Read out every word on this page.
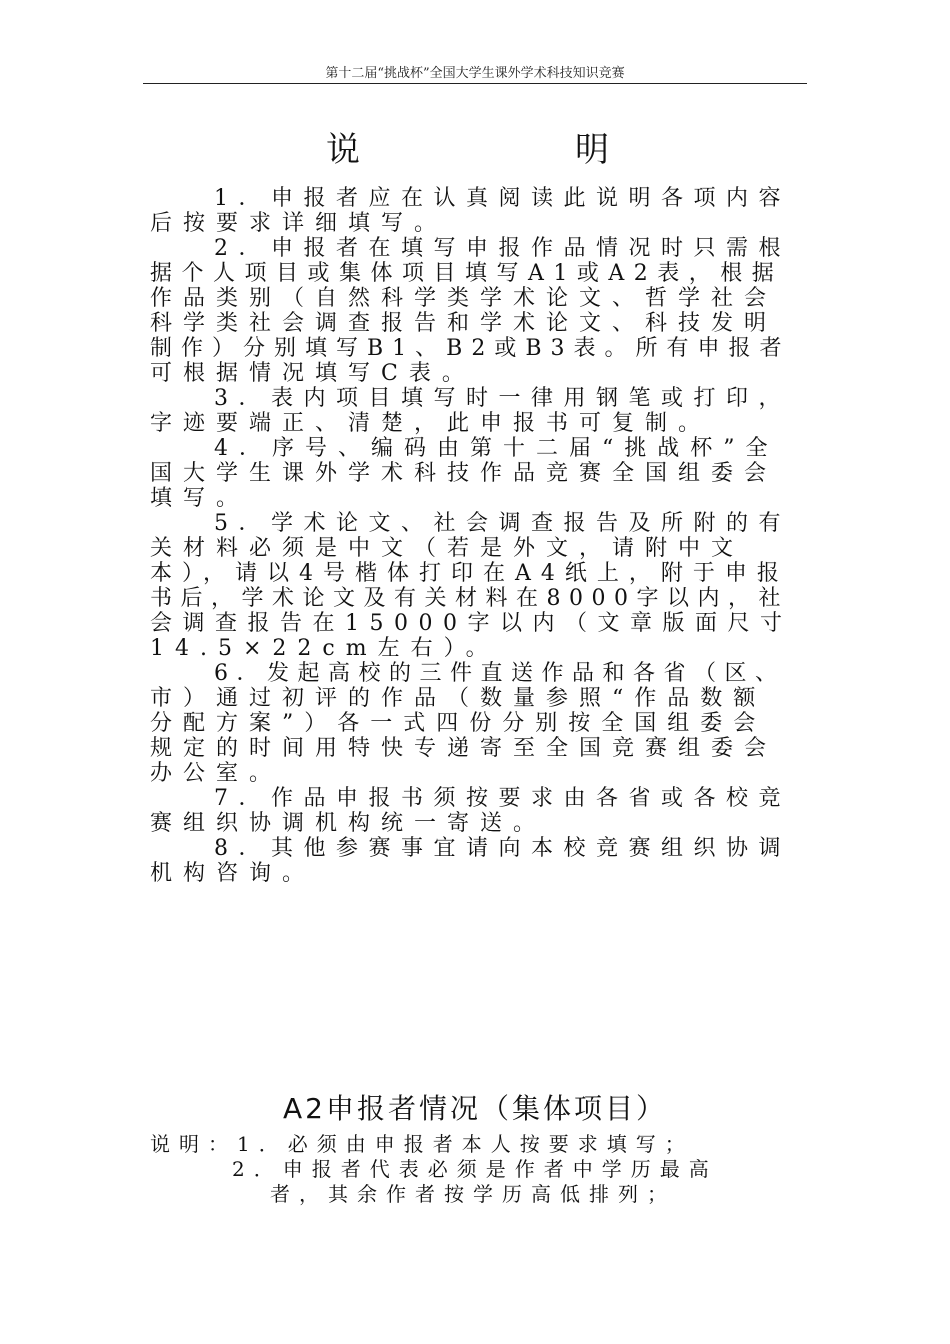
第十二届“挑战杯”全国大学生课外学术科技知识竞赛
说	明
1．申报者应在认真阅读此说明各项内容
后按要求详细填写。
2．申报者在填写申报作品情况时只需根
据个人项目或集体项目填写A1或A2表，根据
作品类别（自然科学类学术论文、哲学社会
科学类社会调查报告和学术论文、科技发明
制作）分别填写B1、B2或B3表。所有申报者
可根据情况填写C表。
3．表内项目填写时一律用钢笔或打印，
字迹要端正、清楚，此申报书可复制。
4．序号、编码由第十二届“挑战杯”全
国大学生课外学术科技作品竞赛全国组委会
填写。
5．学术论文、社会调查报告及所附的有
关材料必须是中文（若是外文，请附中文
本），请以4号楷体打印在A4纸上，附于申报
书后，学术论文及有关材料在8000字以内，社
会调查报告在15000字以内（文章版面尺寸
14.5×22cm左右）。
6．发起高校的三件直送作品和各省（区、
市）通过初评的作品（数量参照“作品数额
分配方案”）各一式四份分别按全国组委会
规定的时间用特快专递寄至全国竞赛组委会
办公室。
7．作品申报书须按要求由各省或各校竞
赛组织协调机构统一寄送。
8．其他参赛事宜请向本校竞赛组织协调
机构咨询。
A2申报者情况（集体项目）
说明：1．必须由申报者本人按要求填写；
2．申报者代表必须是作者中学历最高
者，其余作者按学历高低排列；
